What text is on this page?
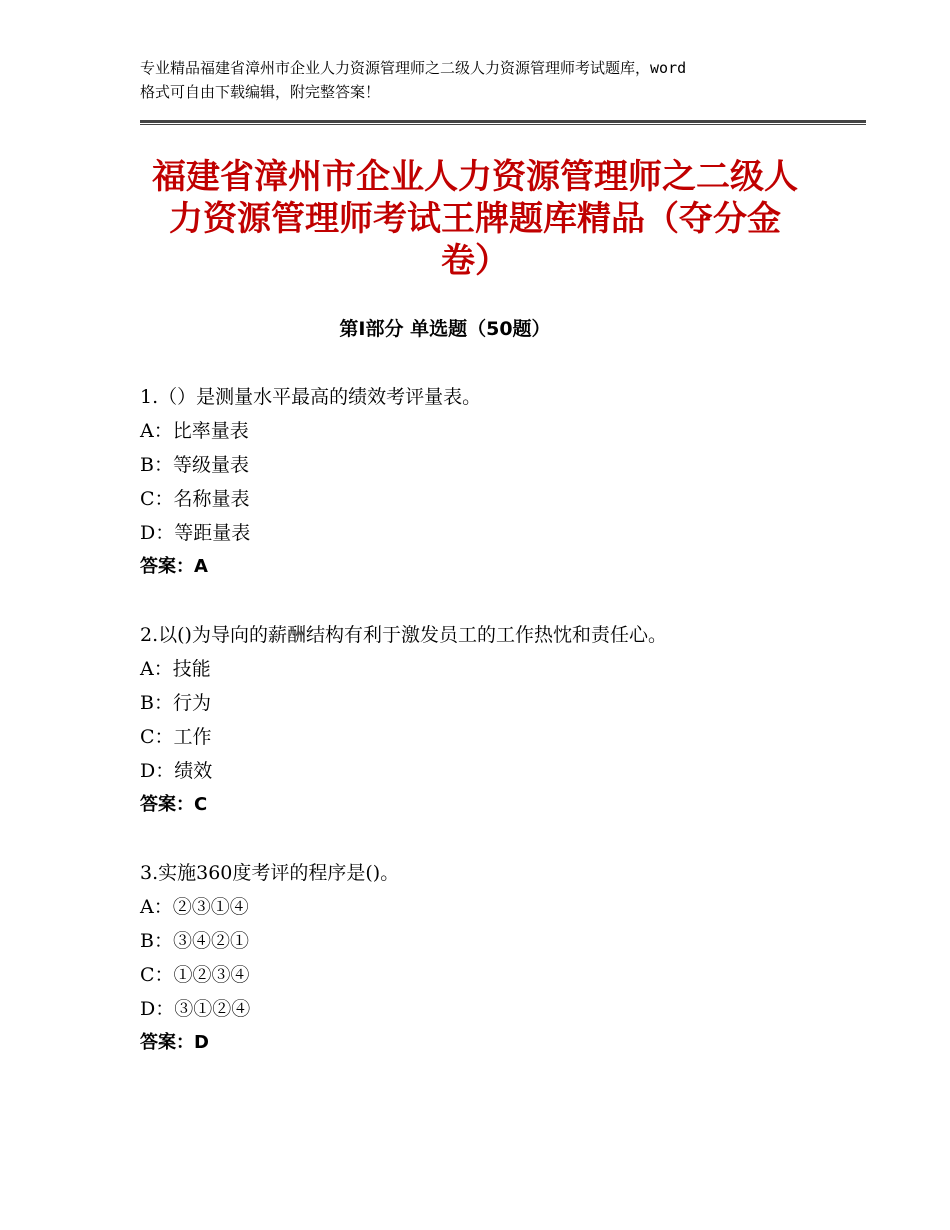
专业精品福建省漳州市企业人力资源管理师之二级人力资源管理师考试题库，word
格式可自由下载编辑，附完整答案！
福建省漳州市企业人力资源管理师之二级人
力资源管理师考试王牌题库精品（夺分金
卷）
第Ⅰ部分 单选题（50题）
1.（）是测量水平最高的绩效考评量表。
A：比率量表
B：等级量表
C：名称量表
D：等距量表
答案：A
2.以()为导向的薪酬结构有利于激发员工的工作热忱和责任心。
A：技能
B：行为
C：工作
D：绩效
答案：C
3.实施360度考评的程序是()。
A：②③①④
B：③④②①
C：①②③④
D：③①②④
答案：D
